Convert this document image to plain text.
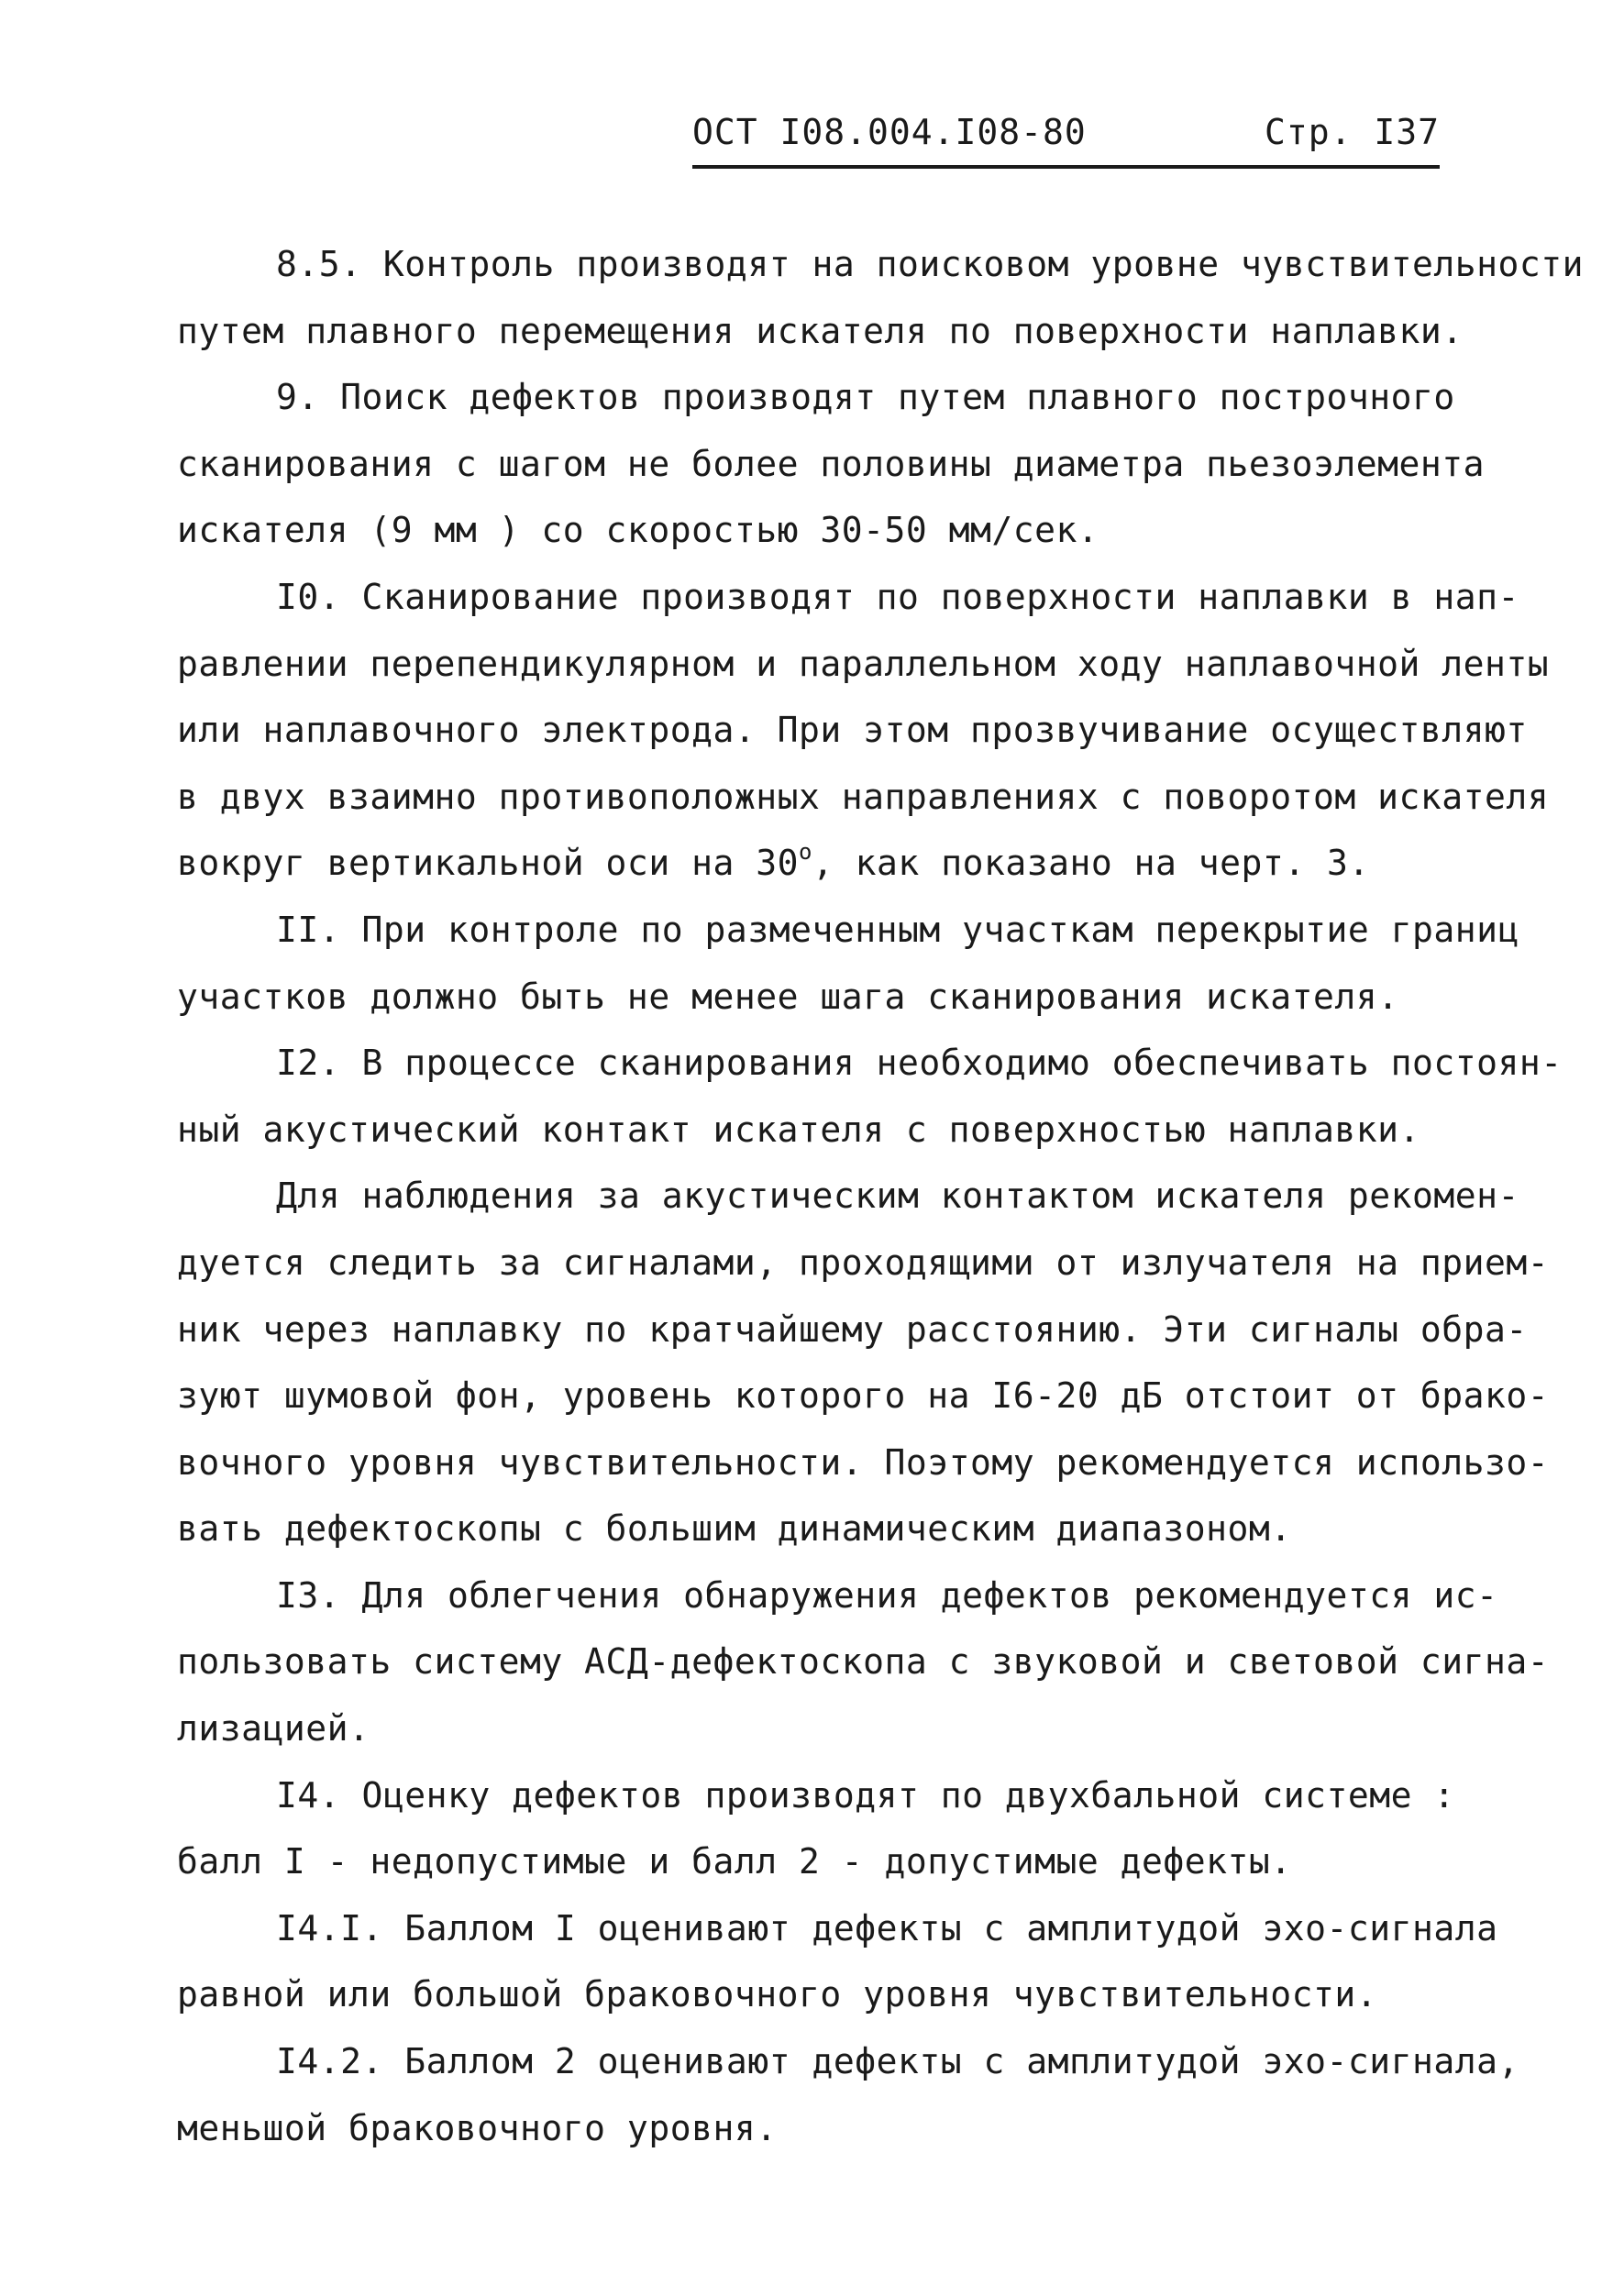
ОСТ I08.004.I08-80	Стр. I37
8.5. Контроль производят на поисковом уровне чувствительности
путем плавного перемещения искателя по поверхности наплавки.
9. Поиск дефектов производят путем плавного построчного
сканирования с шагом не более половины диаметра пьезоэлемента
искателя (9 мм ) со скоростью 30-50 мм/сек.
I0. Сканирование производят по поверхности наплавки в нап-
равлении перепендикулярном и параллельном ходу наплавочной ленты
или наплавочного электрода. При этом прозвучивание осуществляют
в двух взаимно противоположных направлениях с поворотом искателя
вокруг вертикальной оси на $30^о$, как показано на черт. 3.
II. При контроле по размеченным участкам перекрытие границ
участков должно быть не менее шага сканирования искателя.
I2. В процессе сканирования необходимо обеспечивать постоян-
ный акустический контакт искателя с поверхностью наплавки.
Для наблюдения за акустическим контактом искателя рекомен-
дуется следить за сигналами, проходящими от излучателя на прием-
ник через наплавку по кратчайшему расстоянию. Эти сигналы обра-
зуют шумовой фон, уровень которого на I6-20 дБ отстоит от брако-
вочного уровня чувствительности. Поэтому рекомендуется использо-
вать дефектоскопы с большим динамическим диапазоном.
I3. Для облегчения обнаружения дефектов рекомендуется ис-
пользовать систему АСД-дефектоскопа с звуковой и световой сигна-
лизацией.
I4. Оценку дефектов производят по двухбальной системе :
балл I - недопустимые и балл 2 - допустимые дефекты.
I4.I. Баллом I оценивают дефекты с амплитудой эхо-сигнала
равной или большой браковочного уровня чувствительности.
I4.2. Баллом 2 оценивают дефекты с амплитудой эхо-сигнала,
меньшой браковочного уровня.
